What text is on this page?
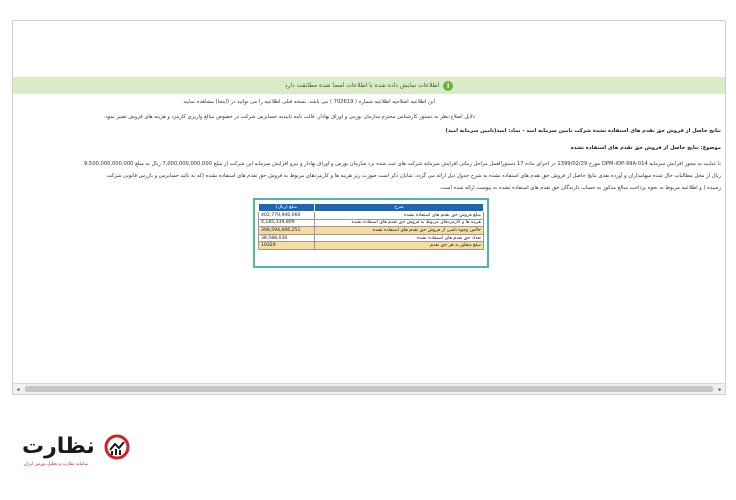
i
اطلاعات نمایش داده شده با اطلاعات امضا شده مطابقت دارد
این اطلاعیه اصلاحیه اطلاعیه شماره ( 702619 ) می باشد. نسخه قبلی اطلاعیه را می توانید در (اینجا) مشاهده نمایید
دلایل اصلاح:نظر به دستور کارشناس محترم سازمان بورس و اوراق بهادار، قالب نامه تاییدیه حسابرس شرکت در خصوص مبالغ واریزی کارمزد و هزینه های فروش تصیر نمود.
نتایج حاصل از فروش حق تقدم های استفاده نشده شرکت تامین سرمایه امید - نماد: امید(تامین سرمایه امید)
موضوع: نتایج حاصل از فروش حق تقدم های استفاده نشده
با عنایت به مجوز افزایش سرمایه DPM-IOP-99A-014 مورخ 1399/02/29 در اجرای ماده 17 دستورالعمل مراحل زمانی افزایش سرمایه شرکت های ثبت شده نزد سازمان بورس و اوراق بهادار و بیرو افزایش سرمایه این شرکت از مبلغ 7,000,000,000,000 ریال به مبلغ 9,500,000,000,000
ریال از محل مطالبات حال شده سهامداران و آورده نقدی نتایج حاصل از فروش حق تقدم های استفاده نشده به شرح جدول ذیل ارائه می گردد. شایان ذکر است صورت ریز هزینه ها و کارمزدهای مربوط به فروش حق تقدم های استفاده نشده (که به تائید حسابرس و بازرس قانونی شرکت
رسیده ) و اطلاعیه مربوط به نحوه پرداخت مبالغ مذکور به حساب دارندگان حق تقدم های استفاده نشده به پیوست ارائه شده است.
شرح	مبلغ (ریال)
مبلغ فروش حق تقدم های استفاده نشده	402,779,946,060
هزینه ها و کارمزدهای مربوط به فروش حق تقدم های استفاده نشده	4,185,339,809
خالص وجوه ناشی از فروش حق تقدم های استفاده نشده	398,594,606,251
تعداد حق تقدم های استفاده نشده	38,588,036
مبلغ متعلق به هر حق تقدم	10329
◂	▸
نظارت
سامانه نظارت و تحلیل بورس ایران
